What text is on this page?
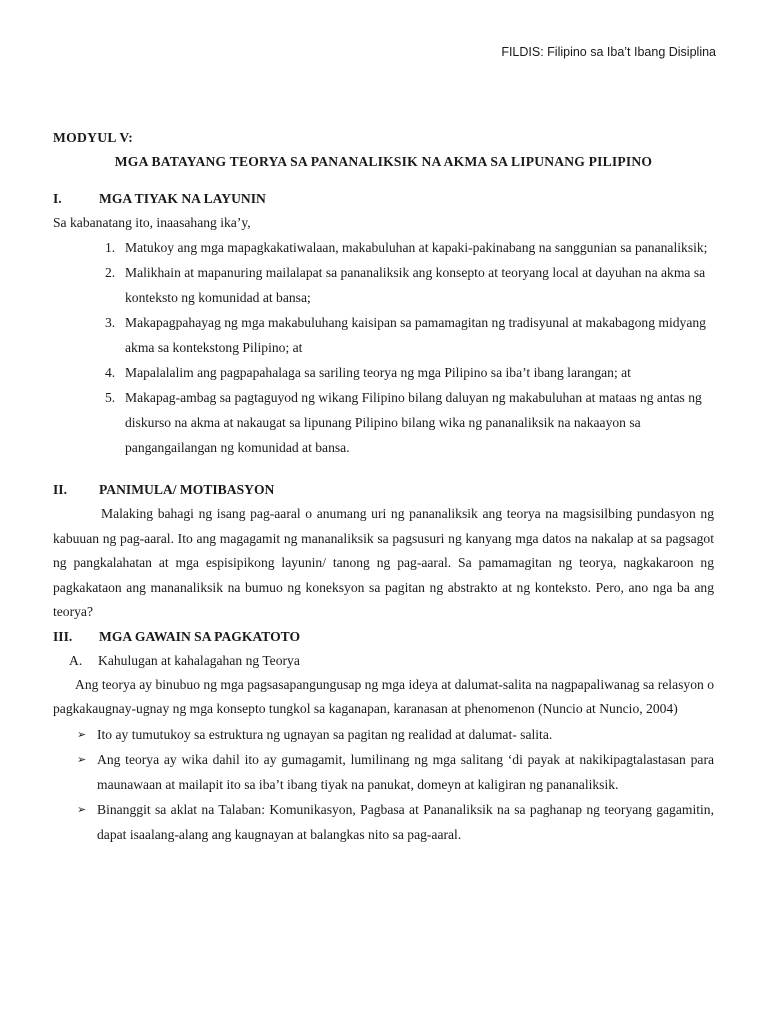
FILDIS: Filipino sa Iba’t Ibang Disiplina

MODYUL V:

MGA BATAYANG TEORYA SA PANANALIKSIK NA AKMA SA LIPUNANG PILIPINO

I.	MGA TIYAK NA LAYUNIN

Sa kabanatang ito, inaasahang ika’y,

1. Matukoy ang mga mapagkakatiwalaan, makabuluhan at kapaki-pakinabang na sanggunian sa pananaliksik;
2. Malikhain at mapanuring mailalapat sa pananaliksik ang konsepto at teoryang local at dayuhan na akma sa konteksto ng komunidad at bansa;
3. Makapagpahayag ng mga makabuluhang kaisipan sa pamamagitan ng tradisyunal at makabagong midyang akma sa kontekstong Pilipino; at
4. Mapalalalim ang pagpapahalaga sa sariling teorya ng mga Pilipino sa iba’t ibang larangan; at
5. Makapag-ambag sa pagtaguyod ng wikang Filipino bilang daluyan ng makabuluhan at mataas ng antas ng diskurso na akma at nakaugat sa lipunang Pilipino bilang wika ng pananaliksik na nakaayon sa pangangailangan ng komunidad at bansa.
II.	PANIMULA/ MOTIBASYON

Malaking bahagi ng isang pag-aaral o anumang uri ng pananaliksik ang teorya na magsisilbing pundasyon ng kabuuan ng pag-aaral. Ito ang magagamit ng mananaliksik sa pagsusuri ng kanyang mga datos na nakalap at sa pagsagot ng pangkalahatan at mga espisipikong layunin/ tanong ng pag-aaral. Sa pamamagitan ng teorya, nagkakaroon ng pagkakataon ang mananaliksik na bumuo ng koneksyon sa pagitan ng abstrakto at ng konteksto. Pero, ano nga ba ang teorya?

III.	MGA GAWAIN SA PAGKATOTO
A.	Kahulugan at kahalagahan ng Teorya

Ang teorya ay binubuo ng mga pagsasapangungusap ng mga ideya at dalumat-salita na nagpapaliwanag sa relasyon o pagkakaugnay-ugnay ng mga konsepto tungkol sa kaganapan, karanasan at phenomenon (Nuncio at Nuncio, 2004)

➢ Ito ay tumutukoy sa estruktura ng ugnayan sa pagitan ng realidad at dalumat- salita.

➢ Ang teorya ay wika dahil ito ay gumagamit, lumilinang ng mga salitang ‘di payak at nakikipagtalastasan para maunawaan at mailapit ito sa iba’t ibang tiyak na panukat, domeyn at kaligiran ng pananaliksik.

➢ Binanggit sa aklat na Talaban: Komunikasyon, Pagbasa at Pananaliksik na sa paghanap ng teoryang gagamitin, dapat isaalang-alang ang kaugnayan at balangkas nito sa pag-aaral.
